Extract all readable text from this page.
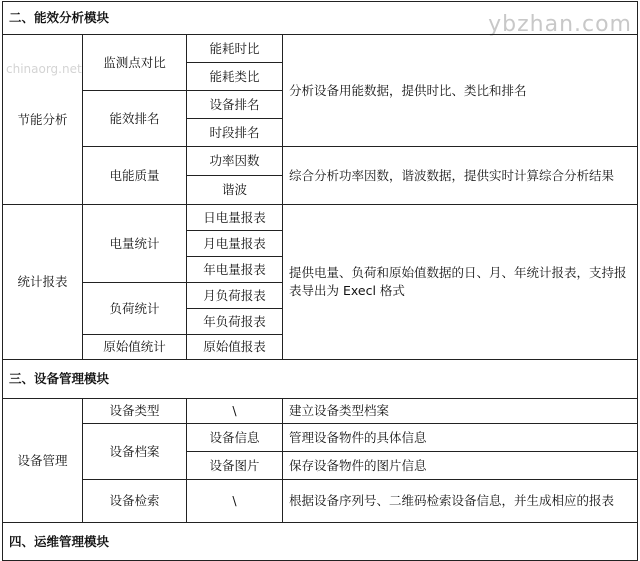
ybzhan.com
chinaorg.net
二、能效分析模块			
节能分析	监测点对比	能耗时比	分析设备用能数据，提供时比、类比和排名
		能耗类比	
	能效排名	设备排名	
		时段排名	
	电能质量	功率因数	综合分析功率因数，谐波数据，提供实时计算综合分析结果
		谐波	
统计报表	电量统计	日电量报表	提供电量、负荷和原始值数据的日、月、年统计报表，支持报表导出为 Execl 格式
		月电量报表	
		年电量报表	
	负荷统计	月负荷报表	
		年负荷报表	
	原始值统计	原始值报表	
三、设备管理模块			
设备管理	设备类型	\	建立设备类型档案
	设备档案	设备信息	管理设备物件的具体信息
		设备图片	保存设备物件的图片信息
	设备检索	\	根据设备序列号、二维码检索设备信息，并生成相应的报表
四、运维管理模块			
